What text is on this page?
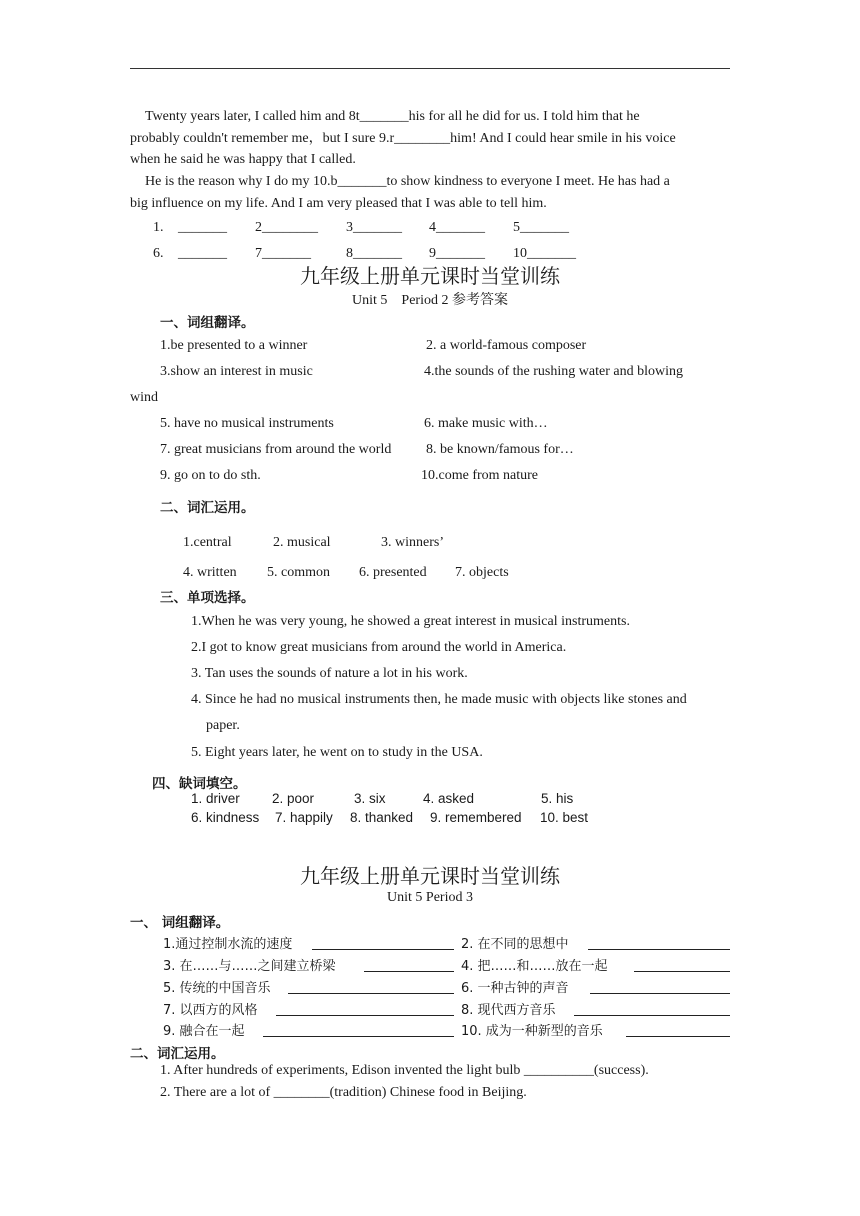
Twenty years later, I called him and 8t_______his for all he did for us. I told him that he
probably couldn't remember me，but I sure 9.r________him! And I could hear smile in his voice
when he said he was happy that I called.
He is the reason why I do my 10.b_______to show kindness to everyone I meet. He has had a
big influence on my life. And I am very pleased that I was able to tell him.
1. _______ 2________ 3_______ 4_______ 5_______
6. _______ 7_______	8_______ 9_______ 10_______
九年级上册单元课时当堂训练
Unit 5　Period 2 参考答案
一、词组翻译。
1.be presented to a winner	2. a world-famous composer
3.show an interest in music	4.the sounds of the rushing water and blowing
wind
5. have no musical instruments	6. make music with…
7. great musicians from around the world 8. be known/famous for…
9. go on to do sth.	10.come from nature
二、词汇运用。
1.central	2. musical	3. winners’
4. written 5. common 6. presented 7. objects
三、单项选择。
1.When he was very young, he showed a great interest in musical instruments.
2.I got to know great musicians from around the world in America.
3. Tan uses the sounds of nature a lot in his work.
4. Since he had no musical instruments then, he made music with objects like stones and
paper.
5. Eight years later, he went on to study in the USA.
四、缺词填空。
1. driver 2. poor	3. six	4. asked	5. his
6. kindness 7. happily 8. thanked 9. remembered 10. best
九年级上册单元课时当堂训练
Unit 5 Period 3
一、 词组翻译。
1.通过控制水流的速度	2. 在不同的思想中
3. 在……与……之间建立桥梁	4. 把……和……放在一起
5. 传统的中国音乐	6. 一种古钟的声音
7. 以西方的风格	8. 现代西方音乐
9. 融合在一起	10. 成为一种新型的音乐
二、词汇运用。
1. After hundreds of experiments, Edison invented the light bulb __________(success).
2. There are a lot of ________(tradition) Chinese food in Beijing.
